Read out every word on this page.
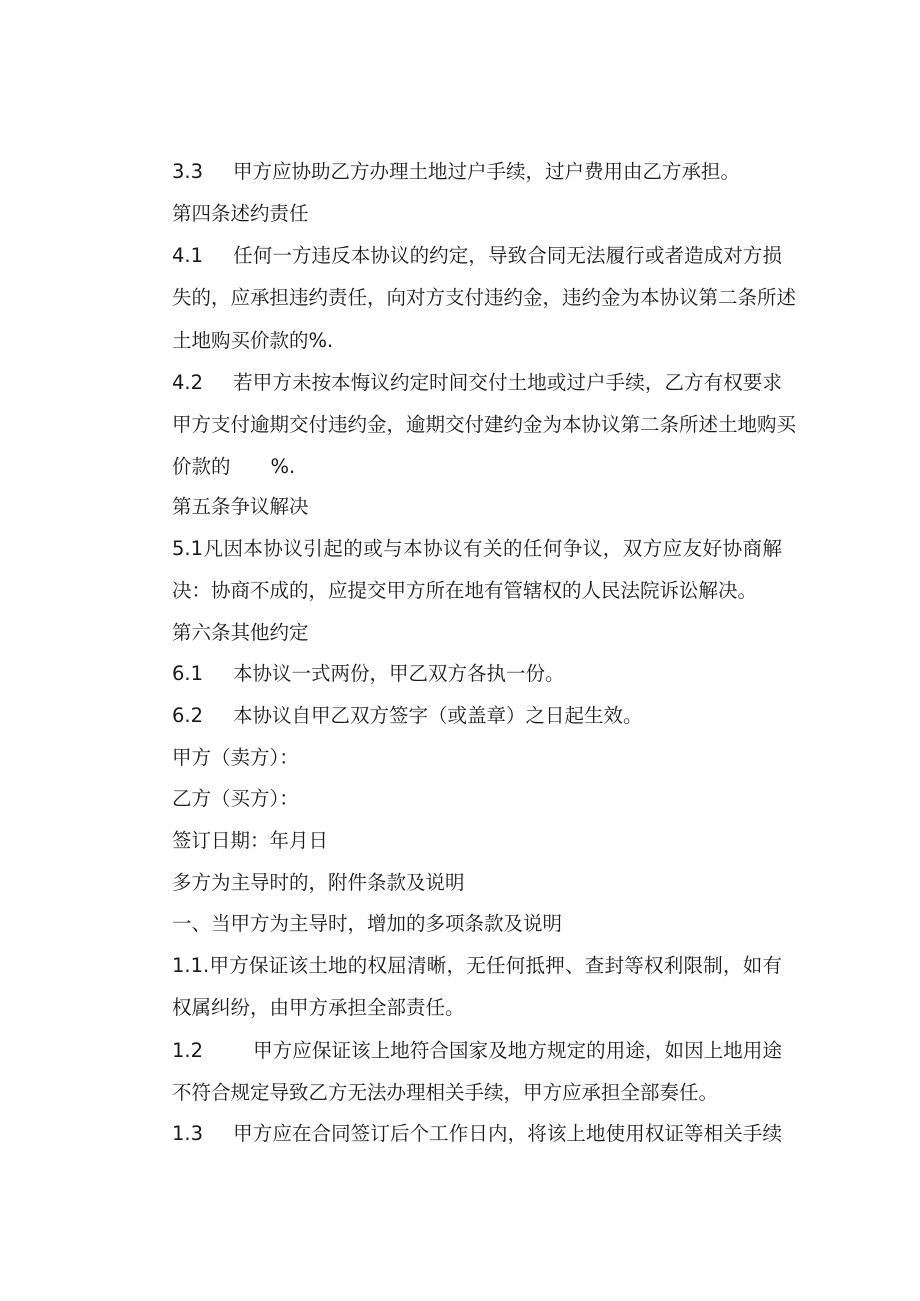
3.3 甲方应协助乙方办理土地过户手续，过户费用由乙方承担。
第四条述约责任
4.1 任何一方违反本协议的约定，导致合同无法履行或者造成对方损
失的，应承担违约责任，向对方支付违约金，违约金为本协议第二条所述
土地购买价款的%.
4.2 若甲方未按本悔议约定时间交付土地或过户手续，乙方有权要求
甲方支付逾期交付违约金，逾期交付建约金为本协议第二条所述土地购买
价款的 %.
第五条争议解决
5.1凡因本协议引起的或与本协议有关的任何争议，双方应友好协商解
决：协商不成的，应提交甲方所在地有管辖权的人民法院诉讼解决。
第六条其他约定
6.1 本协议一式两份，甲乙双方各执一份。
6.2 本协议自甲乙双方签字（或盖章）之日起生效。
甲方（卖方）：
乙方（买方）：
签订日期：年月日
多方为主导时的，附件条款及说明
一、当甲方为主导时，增加的多项条款及说明
1.1.甲方保证该土地的权屈清晰，无任何抵押、查封等权利限制，如有
权属纠纷，由甲方承担全部责任。
1.2	甲方应保证该上地符合国家及地方规定的用途，如因上地用途
不符合规定导致乙方无法办理相关手续，甲方应承担全部奏任。
1.3 甲方应在合同签订后个工作日内，将该上地使用权证等相关手续
